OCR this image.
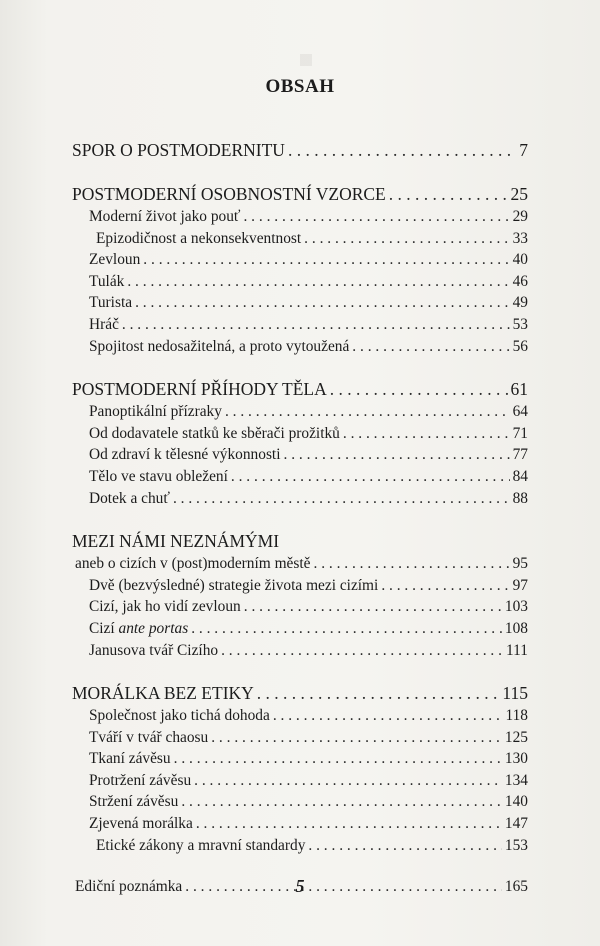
OBSAH
SPOR O POSTMODERNITU . . .	7
POSTMODERNÍ OSOBNOSTNÍ VZORCE . . .	25
Moderní život jako pouť . . .	29
Epizodičnost a nekonsekventnost . . .	33
Zevloun . . .	40
Tulák . . .	46
Turista . . .	49
Hráč . . .	53
Spojitost nedosažitelná, a proto vytoužená . . .	56
POSTMODERNÍ PŘÍHODY TĚLA . . .	61
Panoptikální přízraky . . .	64
Od dodavatele statků ke sběrači prožitků . . .	71
Od zdraví k tělesné výkonnosti . . .	77
Tělo ve stavu obležení . . .	84
Dotek a chuť . . .	88
MEZI NÁMI NEZNÁMÝMI
aneb o cizích v (post)moderním městě . . .	95
Dvě (bezvýsledné) strategie života mezi cizími . . .	97
Cizí, jak ho vidí zevloun . . .	103
Cizí ante portas . . .	108
Janusova tvář Cizího . . .	111
MORÁLKA BEZ ETIKY . . .	115
Společnost jako tichá dohoda . . .	118
Tváří v tvář chaosu . . .	125
Tkaní závěsu . . .	130
Protržení závěsu . . .	134
Stržení závěsu . . .	140
Zjevená morálka . . .	147
Etické zákony a mravní standardy . . .	153
Ediční poznámka . . .	165
5
